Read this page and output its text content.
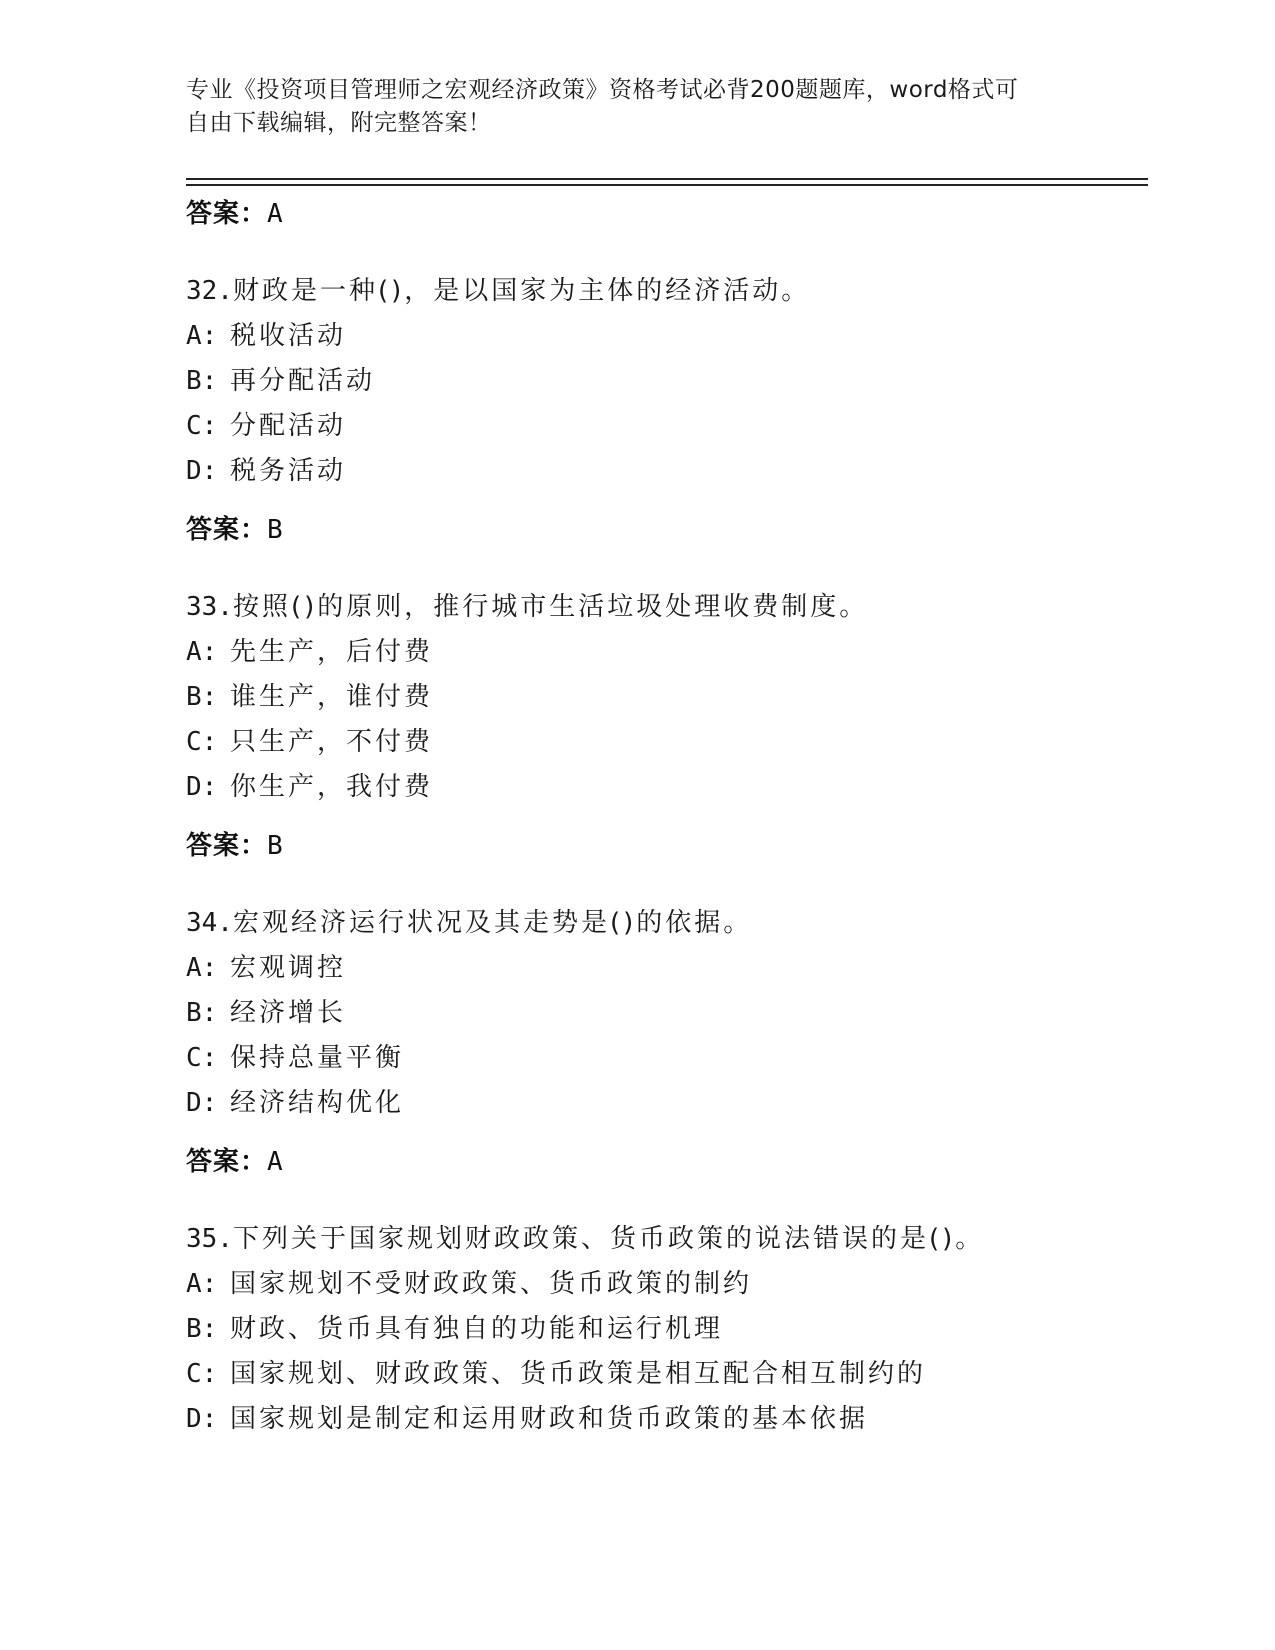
专业《投资项目管理师之宏观经济政策》资格考试必背200题题库，word格式可
自由下载编辑，附完整答案！
答案：A
32.财政是一种()，是以国家为主体的经济活动。
A: 税收活动
B: 再分配活动
C: 分配活动
D: 税务活动
答案：B
33.按照()的原则，推行城市生活垃圾处理收费制度。
A: 先生产，后付费
B: 谁生产，谁付费
C: 只生产，不付费
D: 你生产，我付费
答案：B
34.宏观经济运行状况及其走势是()的依据。
A: 宏观调控
B: 经济增长
C: 保持总量平衡
D: 经济结构优化
答案：A
35.下列关于国家规划财政政策、货币政策的说法错误的是()。
A: 国家规划不受财政政策、货币政策的制约
B: 财政、货币具有独自的功能和运行机理
C: 国家规划、财政政策、货币政策是相互配合相互制约的
D: 国家规划是制定和运用财政和货币政策的基本依据
